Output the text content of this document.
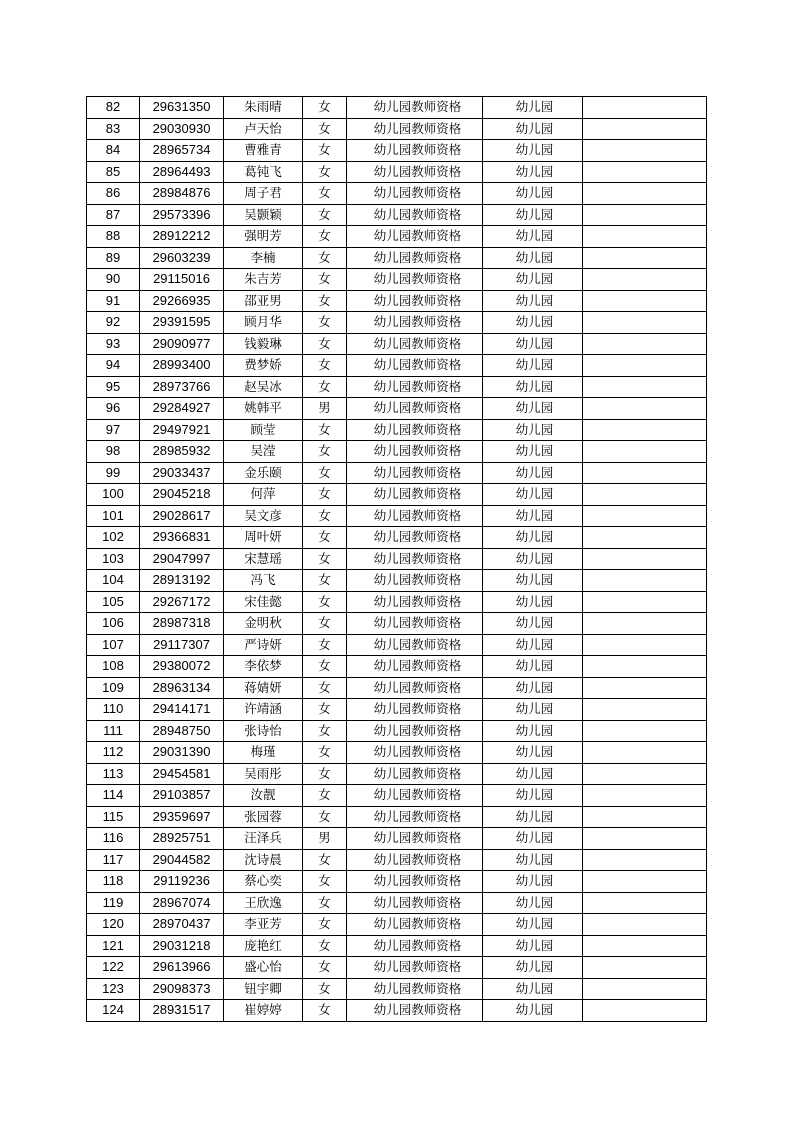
82	29631350	朱雨晴	女	幼儿园教师资格	幼儿园	
83	29030930	卢天怡	女	幼儿园教师资格	幼儿园	
84	28965734	曹雅青	女	幼儿园教师资格	幼儿园	
85	28964493	葛钝飞	女	幼儿园教师资格	幼儿园	
86	28984876	周子君	女	幼儿园教师资格	幼儿园	
87	29573396	吴颢颖	女	幼儿园教师资格	幼儿园	
88	28912212	强明芳	女	幼儿园教师资格	幼儿园	
89	29603239	李楠	女	幼儿园教师资格	幼儿园	
90	29115016	朱吉芳	女	幼儿园教师资格	幼儿园	
91	29266935	邵亚男	女	幼儿园教师资格	幼儿园	
92	29391595	顾月华	女	幼儿园教师资格	幼儿园	
93	29090977	钱毅琳	女	幼儿园教师资格	幼儿园	
94	28993400	费梦娇	女	幼儿园教师资格	幼儿园	
95	28973766	赵吴冰	女	幼儿园教师资格	幼儿园	
96	29284927	姚韩平	男	幼儿园教师资格	幼儿园	
97	29497921	顾莹	女	幼儿园教师资格	幼儿园	
98	28985932	吴滢	女	幼儿园教师资格	幼儿园	
99	29033437	金乐颐	女	幼儿园教师资格	幼儿园	
100	29045218	何萍	女	幼儿园教师资格	幼儿园	
101	29028617	吴文彦	女	幼儿园教师资格	幼儿园	
102	29366831	周叶妍	女	幼儿园教师资格	幼儿园	
103	29047997	宋慧瑶	女	幼儿园教师资格	幼儿园	
104	28913192	冯飞	女	幼儿园教师资格	幼儿园	
105	29267172	宋佳懿	女	幼儿园教师资格	幼儿园	
106	28987318	金明秋	女	幼儿园教师资格	幼儿园	
107	29117307	严诗妍	女	幼儿园教师资格	幼儿园	
108	29380072	李依梦	女	幼儿园教师资格	幼儿园	
109	28963134	蒋婧妍	女	幼儿园教师资格	幼儿园	
110	29414171	许靖涵	女	幼儿园教师资格	幼儿园	
111	28948750	张诗怡	女	幼儿园教师资格	幼儿园	
112	29031390	梅瑾	女	幼儿园教师资格	幼儿园	
113	29454581	吴雨彤	女	幼儿园教师资格	幼儿园	
114	29103857	汝靓	女	幼儿园教师资格	幼儿园	
115	29359697	张园蓉	女	幼儿园教师资格	幼儿园	
116	28925751	汪泽兵	男	幼儿园教师资格	幼儿园	
117	29044582	沈诗晨	女	幼儿园教师资格	幼儿园	
118	29119236	蔡心奕	女	幼儿园教师资格	幼儿园	
119	28967074	王欣逸	女	幼儿园教师资格	幼儿园	
120	28970437	李亚芳	女	幼儿园教师资格	幼儿园	
121	29031218	庞艳红	女	幼儿园教师资格	幼儿园	
122	29613966	盛心怡	女	幼儿园教师资格	幼儿园	
123	29098373	钮宇卿	女	幼儿园教师资格	幼儿园	
124	28931517	崔婷婷	女	幼儿园教师资格	幼儿园	
